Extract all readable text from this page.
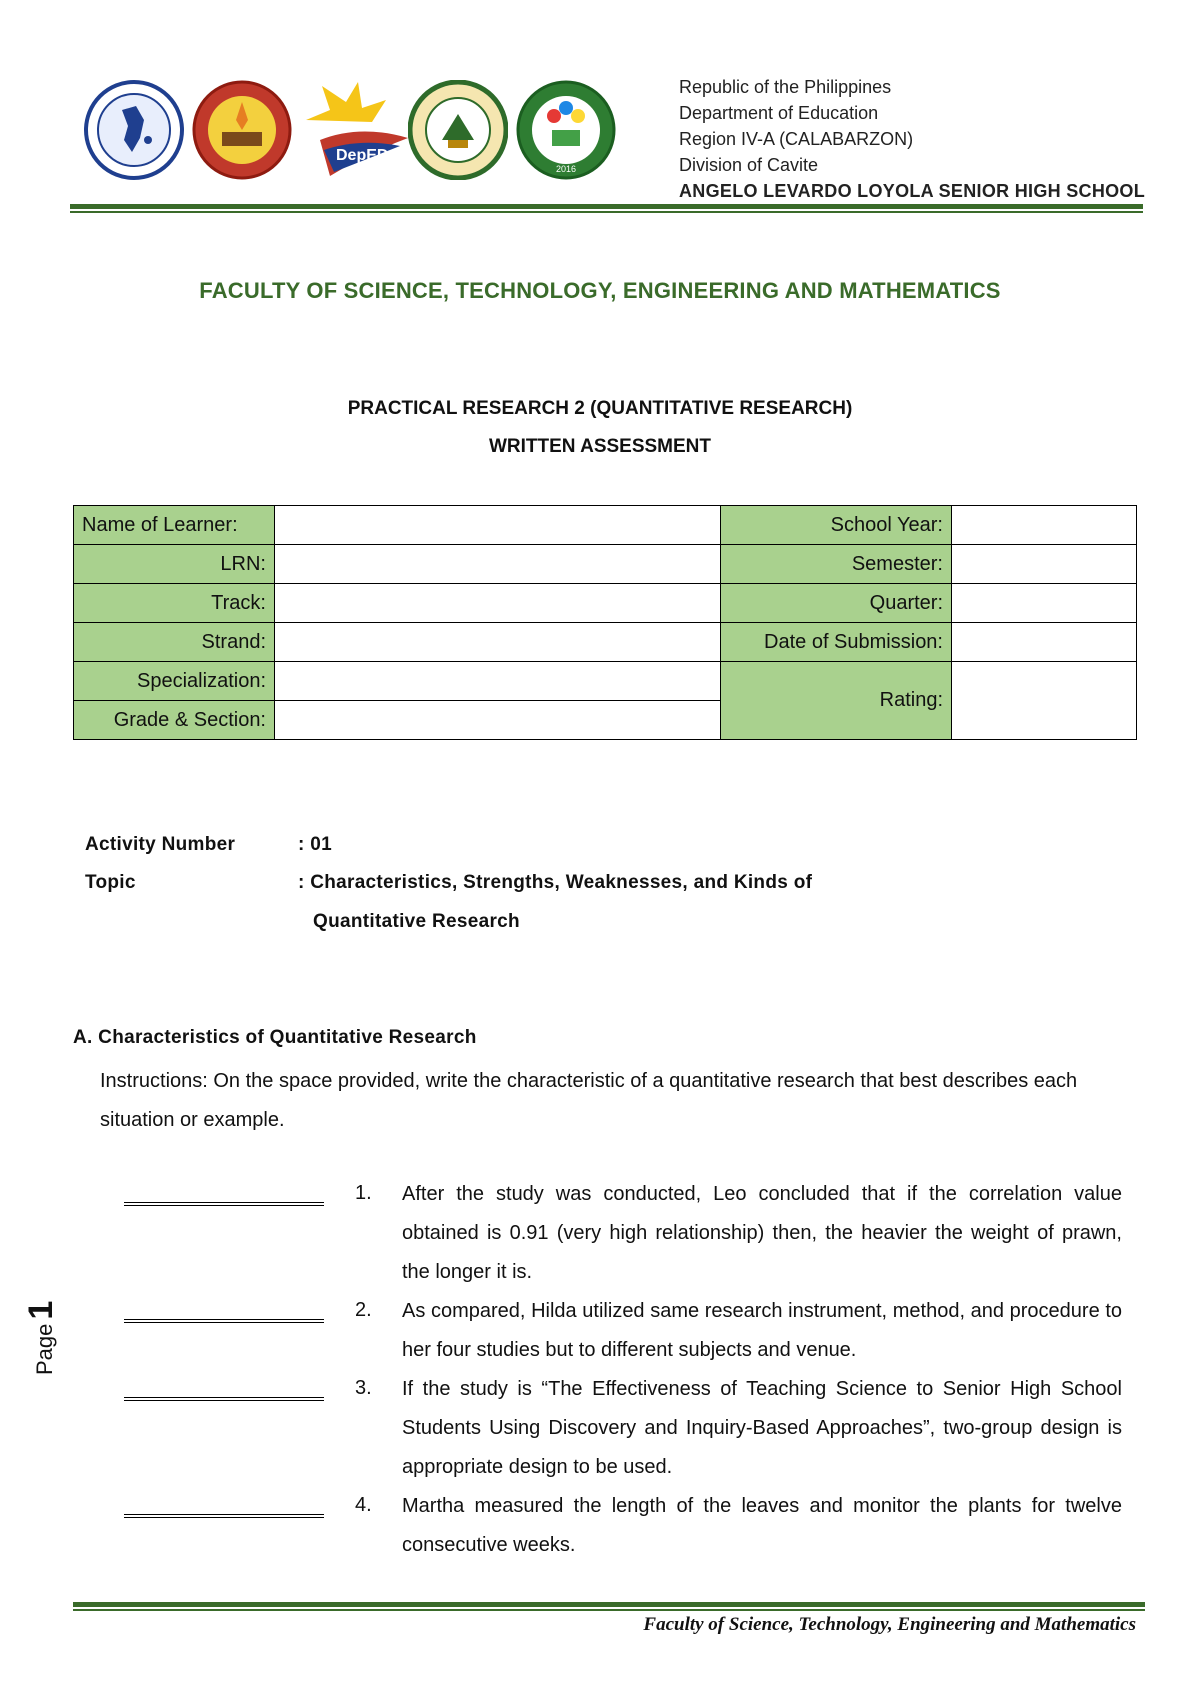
DepED
CAVITE	2016
Republic of the Philippines
Department of Education
Region IV-A (CALABARZON)
Division of Cavite
ANGELO LEVARDO LOYOLA SENIOR HIGH SCHOOL
FACULTY OF SCIENCE, TECHNOLOGY, ENGINEERING AND MATHEMATICS
PRACTICAL RESEARCH 2 (QUANTITATIVE RESEARCH)
WRITTEN ASSESSMENT
Name of Learner:		School Year:	
LRN:		Semester:	
Track:		Quarter:	
Strand:		Date of Submission:	
Specialization:		Rating:	
Grade & Section:			
Activity Number	: 01
Topic	: Characteristics, Strengths, Weaknesses, and Kinds of
Quantitative Research
A. Characteristics of Quantitative Research
Instructions: On the space provided, write the characteristic of a quantitative research that best describes each situation or example.
1. After the study was conducted, Leo concluded that if the correlation value obtained is 0.91 (very high relationship) then, the heavier the weight of prawn, the longer it is.
2. As compared, Hilda utilized same research instrument, method, and procedure to her four studies but to different subjects and venue.
3. If the study is “The Effectiveness of Teaching Science to Senior High School Students Using Discovery and Inquiry-Based Approaches”, two-group design is appropriate design to be used.
4. Martha measured the length of the leaves and monitor the plants for twelve consecutive weeks.
Page1
Faculty of Science, Technology, Engineering and Mathematics
